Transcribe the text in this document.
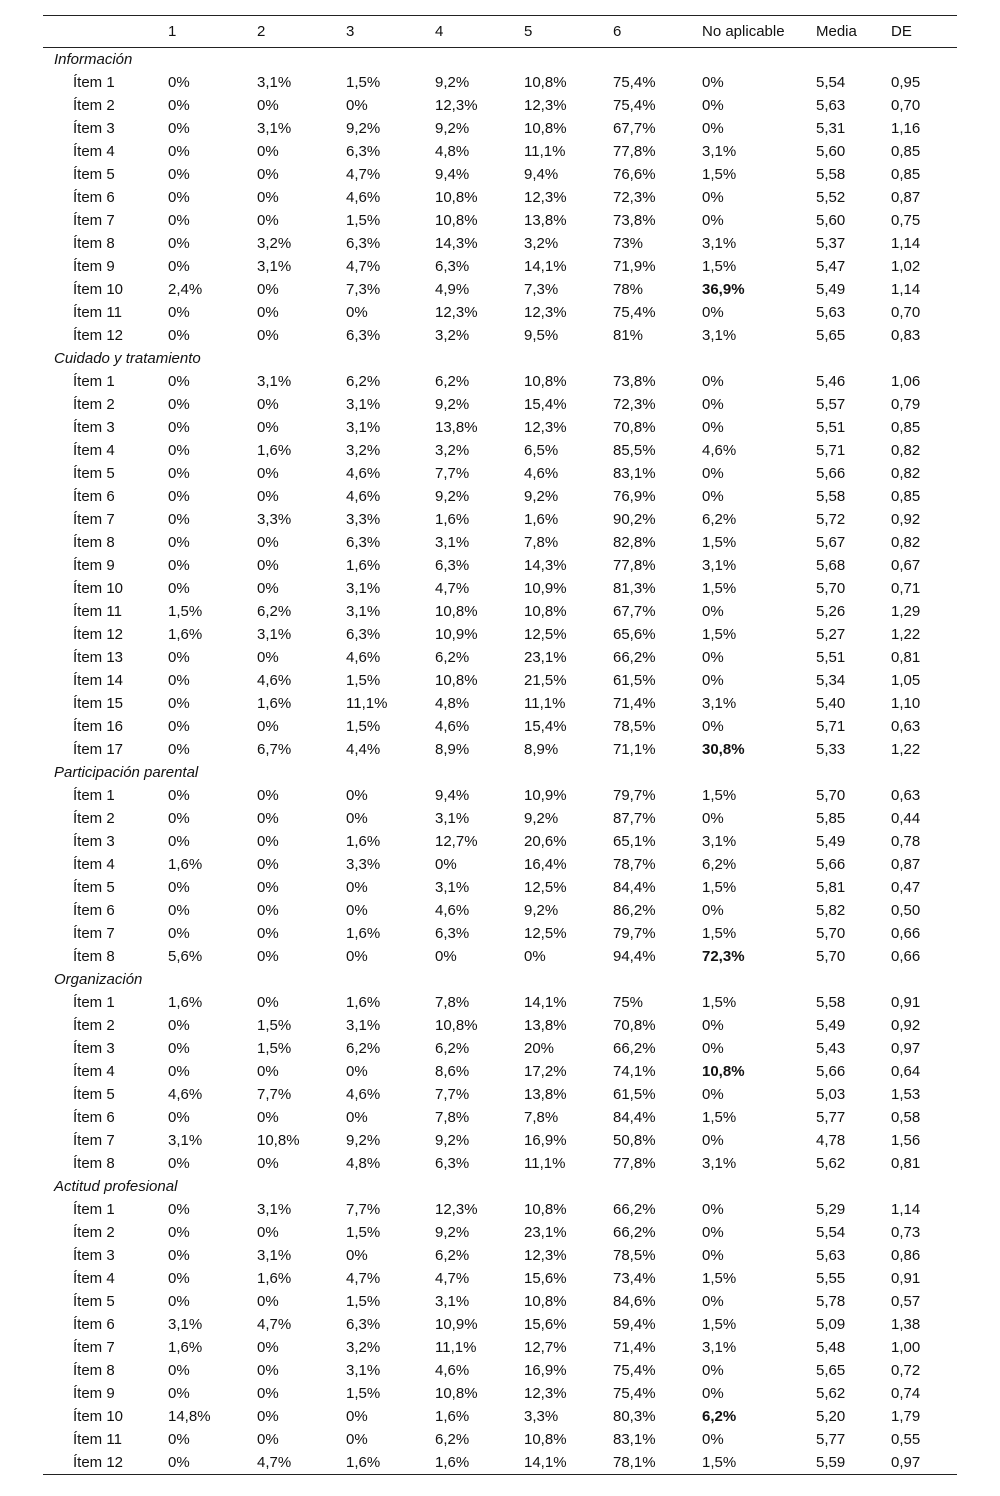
	1	2	3	4	5	6	No aplicable	Media	DE
Información									
Ítem 1	0%	3,1%	1,5%	9,2%	10,8%	75,4%	0%	5,54	0,95
Ítem 2	0%	0%	0%	12,3%	12,3%	75,4%	0%	5,63	0,70
Ítem 3	0%	3,1%	9,2%	9,2%	10,8%	67,7%	0%	5,31	1,16
Ítem 4	0%	0%	6,3%	4,8%	11,1%	77,8%	3,1%	5,60	0,85
Ítem 5	0%	0%	4,7%	9,4%	9,4%	76,6%	1,5%	5,58	0,85
Ítem 6	0%	0%	4,6%	10,8%	12,3%	72,3%	0%	5,52	0,87
Ítem 7	0%	0%	1,5%	10,8%	13,8%	73,8%	0%	5,60	0,75
Ítem 8	0%	3,2%	6,3%	14,3%	3,2%	73%	3,1%	5,37	1,14
Ítem 9	0%	3,1%	4,7%	6,3%	14,1%	71,9%	1,5%	5,47	1,02
Ítem 10	2,4%	0%	7,3%	4,9%	7,3%	78%	36,9%	5,49	1,14
Ítem 11	0%	0%	0%	12,3%	12,3%	75,4%	0%	5,63	0,70
Ítem 12	0%	0%	6,3%	3,2%	9,5%	81%	3,1%	5,65	0,83
Cuidado y tratamiento									
Ítem 1	0%	3,1%	6,2%	6,2%	10,8%	73,8%	0%	5,46	1,06
Ítem 2	0%	0%	3,1%	9,2%	15,4%	72,3%	0%	5,57	0,79
Ítem 3	0%	0%	3,1%	13,8%	12,3%	70,8%	0%	5,51	0,85
Ítem 4	0%	1,6%	3,2%	3,2%	6,5%	85,5%	4,6%	5,71	0,82
Ítem 5	0%	0%	4,6%	7,7%	4,6%	83,1%	0%	5,66	0,82
Ítem 6	0%	0%	4,6%	9,2%	9,2%	76,9%	0%	5,58	0,85
Ítem 7	0%	3,3%	3,3%	1,6%	1,6%	90,2%	6,2%	5,72	0,92
Ítem 8	0%	0%	6,3%	3,1%	7,8%	82,8%	1,5%	5,67	0,82
Ítem 9	0%	0%	1,6%	6,3%	14,3%	77,8%	3,1%	5,68	0,67
Ítem 10	0%	0%	3,1%	4,7%	10,9%	81,3%	1,5%	5,70	0,71
Ítem 11	1,5%	6,2%	3,1%	10,8%	10,8%	67,7%	0%	5,26	1,29
Ítem 12	1,6%	3,1%	6,3%	10,9%	12,5%	65,6%	1,5%	5,27	1,22
Ítem 13	0%	0%	4,6%	6,2%	23,1%	66,2%	0%	5,51	0,81
Ítem 14	0%	4,6%	1,5%	10,8%	21,5%	61,5%	0%	5,34	1,05
Ítem 15	0%	1,6%	11,1%	4,8%	11,1%	71,4%	3,1%	5,40	1,10
Ítem 16	0%	0%	1,5%	4,6%	15,4%	78,5%	0%	5,71	0,63
Ítem 17	0%	6,7%	4,4%	8,9%	8,9%	71,1%	30,8%	5,33	1,22
Participación parental									
Ítem 1	0%	0%	0%	9,4%	10,9%	79,7%	1,5%	5,70	0,63
Ítem 2	0%	0%	0%	3,1%	9,2%	87,7%	0%	5,85	0,44
Ítem 3	0%	0%	1,6%	12,7%	20,6%	65,1%	3,1%	5,49	0,78
Ítem 4	1,6%	0%	3,3%	0%	16,4%	78,7%	6,2%	5,66	0,87
Ítem 5	0%	0%	0%	3,1%	12,5%	84,4%	1,5%	5,81	0,47
Ítem 6	0%	0%	0%	4,6%	9,2%	86,2%	0%	5,82	0,50
Ítem 7	0%	0%	1,6%	6,3%	12,5%	79,7%	1,5%	5,70	0,66
Ítem 8	5,6%	0%	0%	0%	0%	94,4%	72,3%	5,70	0,66
Organización									
Ítem 1	1,6%	0%	1,6%	7,8%	14,1%	75%	1,5%	5,58	0,91
Ítem 2	0%	1,5%	3,1%	10,8%	13,8%	70,8%	0%	5,49	0,92
Ítem 3	0%	1,5%	6,2%	6,2%	20%	66,2%	0%	5,43	0,97
Ítem 4	0%	0%	0%	8,6%	17,2%	74,1%	10,8%	5,66	0,64
Ítem 5	4,6%	7,7%	4,6%	7,7%	13,8%	61,5%	0%	5,03	1,53
Ítem 6	0%	0%	0%	7,8%	7,8%	84,4%	1,5%	5,77	0,58
Ítem 7	3,1%	10,8%	9,2%	9,2%	16,9%	50,8%	0%	4,78	1,56
Ítem 8	0%	0%	4,8%	6,3%	11,1%	77,8%	3,1%	5,62	0,81
Actitud profesional									
Ítem 1	0%	3,1%	7,7%	12,3%	10,8%	66,2%	0%	5,29	1,14
Ítem 2	0%	0%	1,5%	9,2%	23,1%	66,2%	0%	5,54	0,73
Ítem 3	0%	3,1%	0%	6,2%	12,3%	78,5%	0%	5,63	0,86
Ítem 4	0%	1,6%	4,7%	4,7%	15,6%	73,4%	1,5%	5,55	0,91
Ítem 5	0%	0%	1,5%	3,1%	10,8%	84,6%	0%	5,78	0,57
Ítem 6	3,1%	4,7%	6,3%	10,9%	15,6%	59,4%	1,5%	5,09	1,38
Ítem 7	1,6%	0%	3,2%	11,1%	12,7%	71,4%	3,1%	5,48	1,00
Ítem 8	0%	0%	3,1%	4,6%	16,9%	75,4%	0%	5,65	0,72
Ítem 9	0%	0%	1,5%	10,8%	12,3%	75,4%	0%	5,62	0,74
Ítem 10	14,8%	0%	0%	1,6%	3,3%	80,3%	6,2%	5,20	1,79
Ítem 11	0%	0%	0%	6,2%	10,8%	83,1%	0%	5,77	0,55
Ítem 12	0%	4,7%	1,6%	1,6%	14,1%	78,1%	1,5%	5,59	0,97
